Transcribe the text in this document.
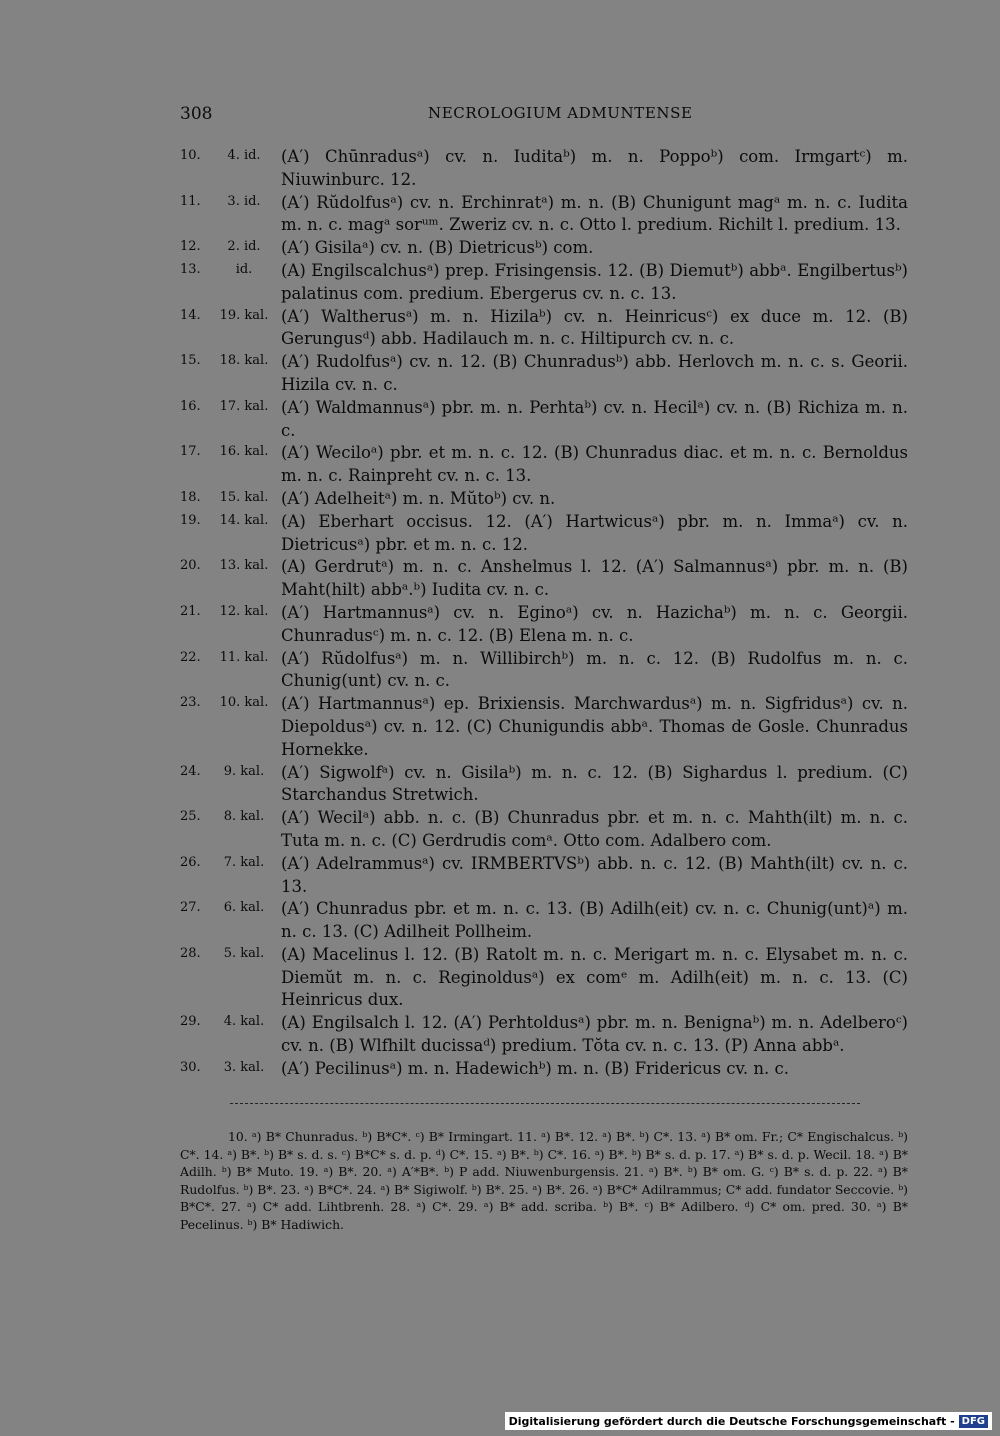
308	NECROLOGIUM ADMUNTENSE
10.	4. id.	(A′) Chūnradusᵃ) cv. n. Iuditaᵇ) m. n. Poppoᵇ) com. Irmgartᶜ) m. Niuwinburc. 12.
11.	3. id.	(A′) Rŭdolfusᵃ) cv. n. Erchinratᵃ) m. n. (B) Chunigunt magᵃ m. n. c. Iudita m. n. c. magᵃ sorᵘᵐ. Zweriz cv. n. c. Otto l. predium. Richilt l. predium. 13.
12.	2. id.	(A′) Gisilaᵃ) cv. n. (B) Dietricusᵇ) com.
13.	id.	(A) Engilscalchusᵃ) prep. Frisingensis. 12. (B) Diemutᵇ) abbᵃ. Engilbertusᵇ) palatinus com. predium. Ebergerus cv. n. c. 13.
14.	19. kal. (A′) Waltherusᵃ) m. n. Hizilaᵇ) cv. n. Heinricusᶜ) ex duce m. 12. (B) Gerungusᵈ) abb. Hadilauch m. n. c. Hiltipurch cv. n. c.
15.	18. kal. (A′) Rudolfusᵃ) cv. n. 12. (B) Chunradusᵇ) abb. Herlovch m. n. c. s. Georii. Hizila cv. n. c.
16.	17. kal. (A′) Waldmannusᵃ) pbr. m. n. Perhtaᵇ) cv. n. Hecilᵃ) cv. n. (B) Richiza m. n. c.
17.	16. kal. (A′) Weciloᵃ) pbr. et m. n. c. 12. (B) Chunradus diac. et m. n. c. Bernoldus m. n. c. Rainpreht cv. n. c. 13.
18.	15. kal. (A′) Adelheitᵃ) m. n. Mŭtoᵇ) cv. n.
19.	14. kal. (A) Eberhart occisus. 12. (A′) Hartwicusᵃ) pbr. m. n. Immaᵃ) cv. n. Dietricusᵃ) pbr. et m. n. c. 12.
20.	13. kal. (A) Gerdrutᵃ) m. n. c. Anshelmus l. 12. (A′) Salmannusᵃ) pbr. m. n. (B) Maht(hilt) abbᵃ.ᵇ) Iudita cv. n. c.
21.	12. kal. (A′) Hartmannusᵃ) cv. n. Eginoᵃ) cv. n. Hazichaᵇ) m. n. c. Georgii. Chunradusᶜ) m. n. c. 12. (B) Elena m. n. c.
22.	11. kal. (A′) Rŭdolfusᵃ) m. n. Willibirchᵇ) m. n. c. 12. (B) Rudolfus m. n. c. Chunig(unt) cv. n. c.
23.	10. kal. (A′) Hartmannusᵃ) ep. Brixiensis. Marchwardusᵃ) m. n. Sigfridusᵃ) cv. n. Diepoldusᵃ) cv. n. 12. (C) Chunigundis abbᵃ. Thomas de Gosle. Chunradus Hornekke.
24.	9. kal.	(A′) Sigwolfᵃ) cv. n. Gisilaᵇ) m. n. c. 12. (B) Sighardus l. predium. (C) Starchandus Stretwich.
25.	8. kal.	(A′) Wecilᵃ) abb. n. c. (B) Chunradus pbr. et m. n. c. Mahth(ilt) m. n. c. Tuta m. n. c. (C) Gerdrudis comᵃ. Otto com. Adalbero com.
26.	7. kal.	(A′) Adelrammusᵃ) cv. IRMBERTVSᵇ) abb. n. c. 12. (B) Mahth(ilt) cv. n. c. 13.
27.	6. kal.	(A′) Chunradus pbr. et m. n. c. 13. (B) Adilh(eit) cv. n. c. Chunig(unt)ᵃ) m. n. c. 13. (C) Adilheit Pollheim.
28.	5. kal.	(A) Macelinus l. 12. (B) Ratolt m. n. c. Merigart m. n. c. Elysabet m. n. c. Diemŭt m. n. c. Reginoldusᵃ) ex comᵉ m. Adilh(eit) m. n. c. 13. (C) Heinricus dux.
29.	4. kal.	(A) Engilsalch l. 12. (A′) Perhtoldusᵃ) pbr. m. n. Benignaᵇ) m. n. Adelberoᶜ) cv. n. (B) Wlfhilt ducissaᵈ) predium. Tŏta cv. n. c. 13. (P) Anna abbᵃ.
30.	3. kal.	(A′) Pecilinusᵃ) m. n. Hadewichᵇ) m. n. (B) Fridericus cv. n. c.

10. ᵃ) B* Chunradus. ᵇ) B*C*. ᶜ) B* Irmingart. 11. ᵃ) B*. 12. ᵃ) B*. ᵇ) C*. 13. ᵃ) B* om. Fr.; C* Engischalcus. ᵇ) C*. 14. ᵃ) B*. ᵇ) B* s. d. s. ᶜ) B*C* s. d. p. ᵈ) C*. 15. ᵃ) B*. ᵇ) C*. 16. ᵃ) B*. ᵇ) B* s. d. p. 17. ᵃ) B* s. d. p. Wecil. 18. ᵃ) B* Adilh. ᵇ) B* Muto. 19. ᵃ) B*. 20. ᵃ) A′*B*. ᵇ) P add. Niuwenburgensis. 21. ᵃ) B*. ᵇ) B* om. G. ᶜ) B* s. d. p. 22. ᵃ) B* Rudolfus. ᵇ) B*. 23. ᵃ) B*C*. 24. ᵃ) B* Sigiwolf. ᵇ) B*. 25. ᵃ) B*. 26. ᵃ) B*C* Adilrammus; C* add. fundator Seccovie. ᵇ) B*C*. 27. ᵃ) C* add. Lihtbrenh. 28. ᵃ) C*. 29. ᵃ) B* add. scriba. ᵇ) B*. ᶜ) B* Adilbero. ᵈ) C* om. pred. 30. ᵃ) B* Pecelinus. ᵇ) B* Hadiwich.

Digitalisierung gefördert durch die Deutsche Forschungsgemeinschaft - DFG
